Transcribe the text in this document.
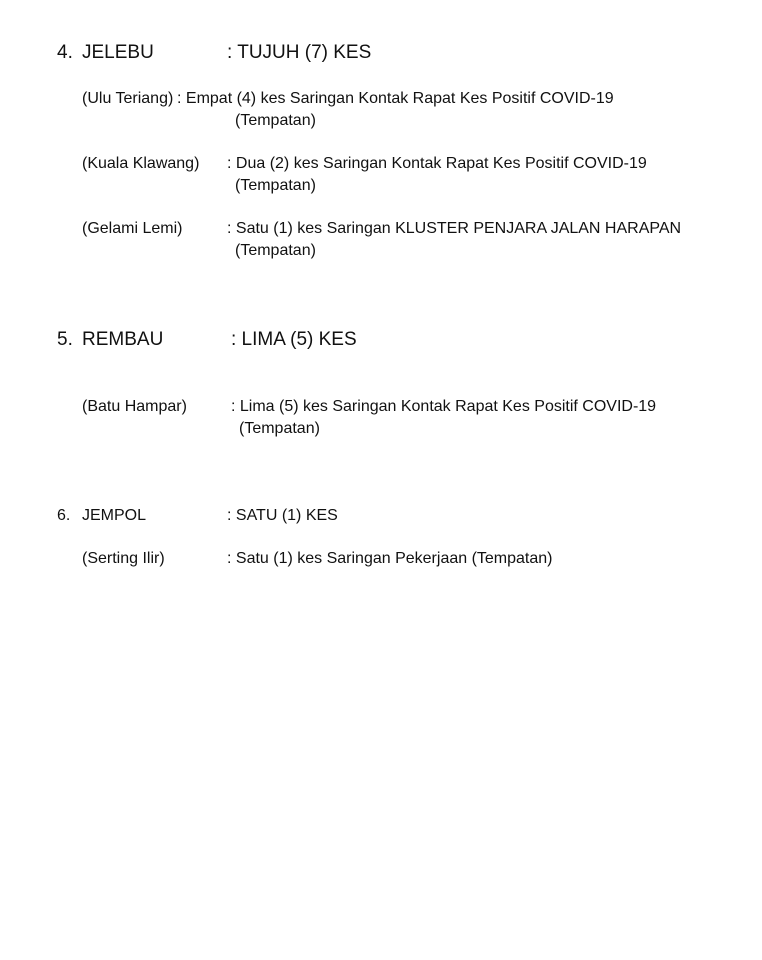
4. JELEBU	: TUJUH (7) KES
(Ulu Teriang) : Empat (4) kes Saringan Kontak Rapat Kes Positif COVID-19
(Tempatan)
(Kuala Klawang) : Dua (2) kes Saringan Kontak Rapat Kes Positif COVID-19
(Tempatan)
(Gelami Lemi)	: Satu (1) kes Saringan KLUSTER PENJARA JALAN HARAPAN
(Tempatan)
5. REMBAU	: LIMA (5) KES
(Batu Hampar)	: Lima (5) kes Saringan Kontak Rapat Kes Positif COVID-19
(Tempatan)
6. JEMPOL	: SATU (1) KES
(Serting Ilir)	: Satu (1) kes Saringan Pekerjaan (Tempatan)
